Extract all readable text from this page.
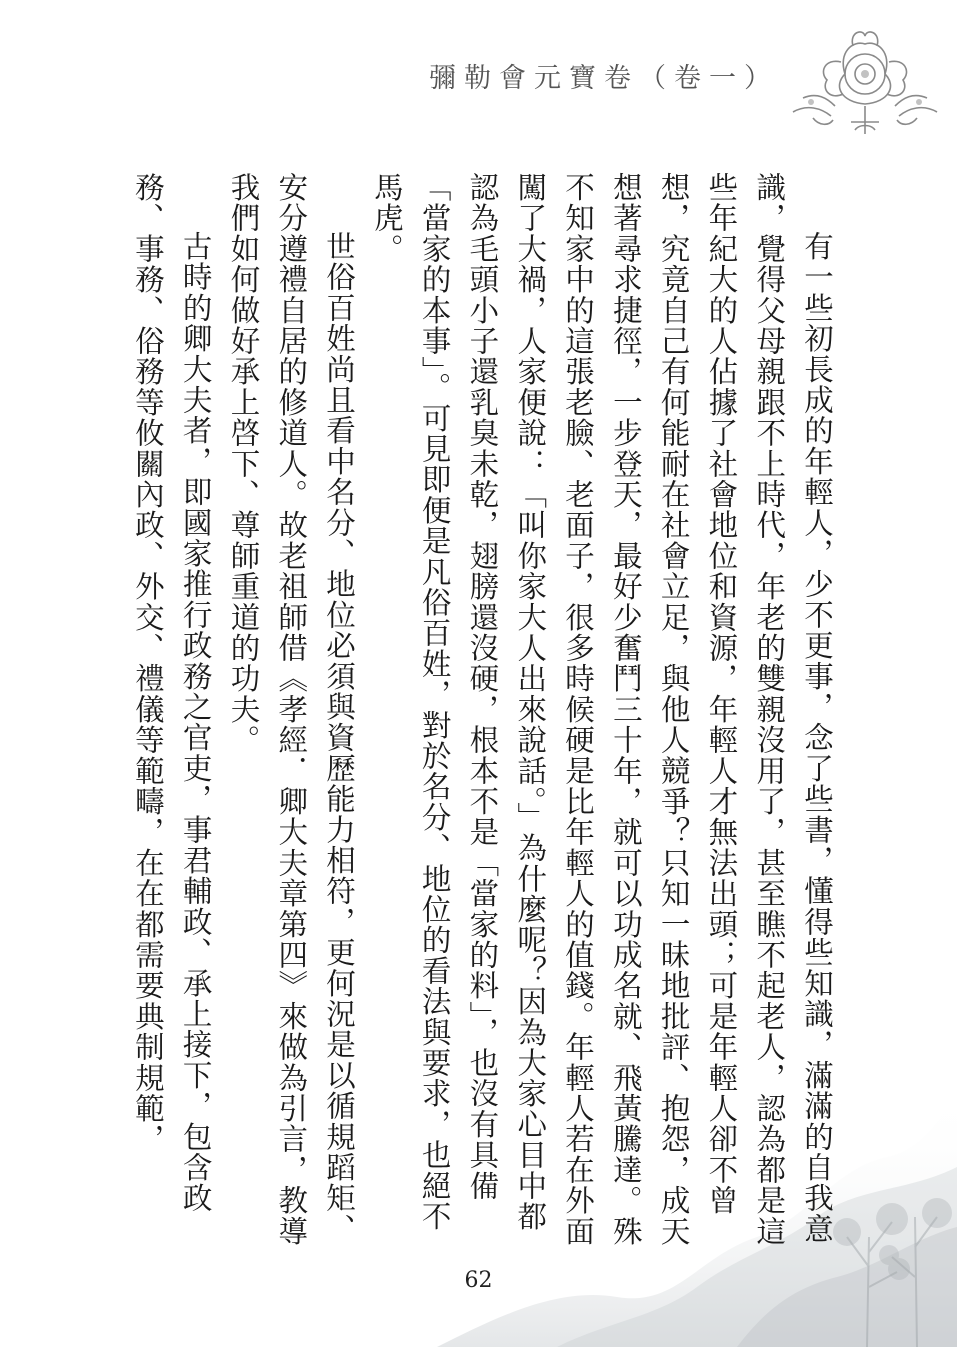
彌勒會元寶卷（卷一）

有一些初長成的年輕人，少不更事，念了些書，懂得些知識，滿滿的自我意識，覺得父母親跟不上時代，年老的雙親沒用了，甚至瞧不起老人，認為都是這些年紀大的人佔據了社會地位和資源，年輕人才無法出頭；可是年輕人卻不曾想，究竟自己有何能耐在社會立足，與他人競爭？只知一昧地批評、抱怨，成天想著尋求捷徑，一步登天，最好少奮鬥三十年，就可以功成名就、飛黃騰達。殊不知家中的這張老臉、老面子，很多時候硬是比年輕人的值錢。年輕人若在外面闖了大禍，人家便說：「叫你家大人出來說話。」為什麼呢？因為大家心目中都認為毛頭小子還乳臭未乾，翅膀還沒硬，根本不是「當家的料」，也沒有具備「當家的本事」。可見即便是凡俗百姓，對於名分、地位的看法與要求，也絕不馬虎。

世俗百姓尚且看中名分、地位必須與資歷能力相符，更何況是以循規蹈矩、安分遵禮自居的修道人。故老祖師借《孝經．卿大夫章第四》來做為引言，教導我們如何做好承上啓下、尊師重道的功夫。

古時的卿大夫者，即國家推行政務之官吏，事君輔政、承上接下，包含政務、事務、俗務等攸關內政、外交、禮儀等範疇，在在都需要典制規範，

62
